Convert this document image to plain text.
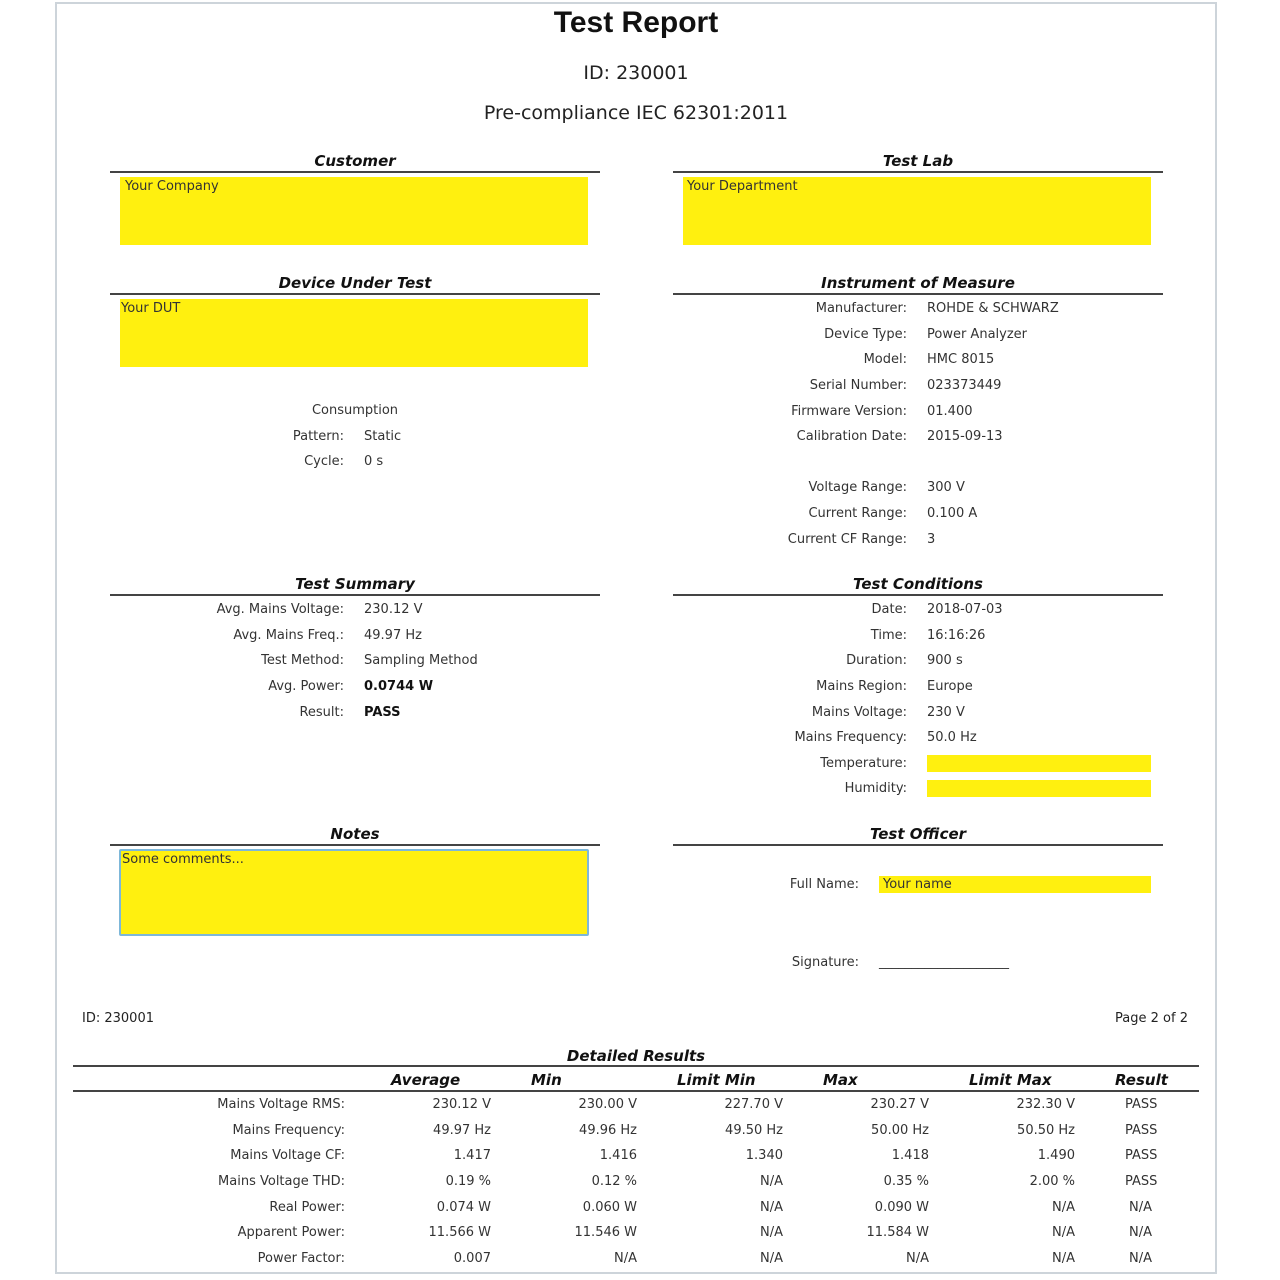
Test Report
ID: 230001
Pre-compliance IEC 62301:2011
Customer
Your Company
Test Lab
Your Department
Device Under Test
Your DUT
Consumption
Pattern:	Static
Cycle:	0 s
Instrument of Measure
Manufacturer:	ROHDE & SCHWARZ
Device Type:	Power Analyzer
Model:	HMC 8015
Serial Number:	023373449
Firmware Version:	01.400
Calibration Date:	2015-09-13
Voltage Range:	300 V
Current Range:	0.100 A
Current CF Range:	3
Test Summary
Avg. Mains Voltage:	230.12 V
Avg. Mains Freq.:	49.97 Hz
Test Method:	Sampling Method
Avg. Power:	0.0744 W
Result:	PASS
Test Conditions
Date:	2018-07-03
Time:	16:16:26
Duration:	900 s
Mains Region:	Europe
Mains Voltage:	230 V
Mains Frequency:	50.0 Hz
Temperature:
Humidity:
Notes
Some comments...
Test Officer
Full Name:	Your name
Signature:	____________________
ID: 230001	Page 2 of 2
Detailed Results
	Average	Min	Limit Min	Max	Limit Max	Result
Mains Voltage RMS:	230.12 V	230.00 V	227.70 V	230.27 V	232.30 V	PASS
Mains Frequency:	49.97 Hz	49.96 Hz	49.50 Hz	50.00 Hz	50.50 Hz	PASS
Mains Voltage CF:	1.417	1.416	1.340	1.418	1.490	PASS
Mains Voltage THD:	0.19 %	0.12 %	N/A	0.35 %	2.00 %	PASS
Real Power:	0.074 W	0.060 W	N/A	0.090 W	N/A	N/A
Apparent Power:	11.566 W	11.546 W	N/A	11.584 W	N/A	N/A
Power Factor:	0.007	N/A	N/A	N/A	N/A	N/A
